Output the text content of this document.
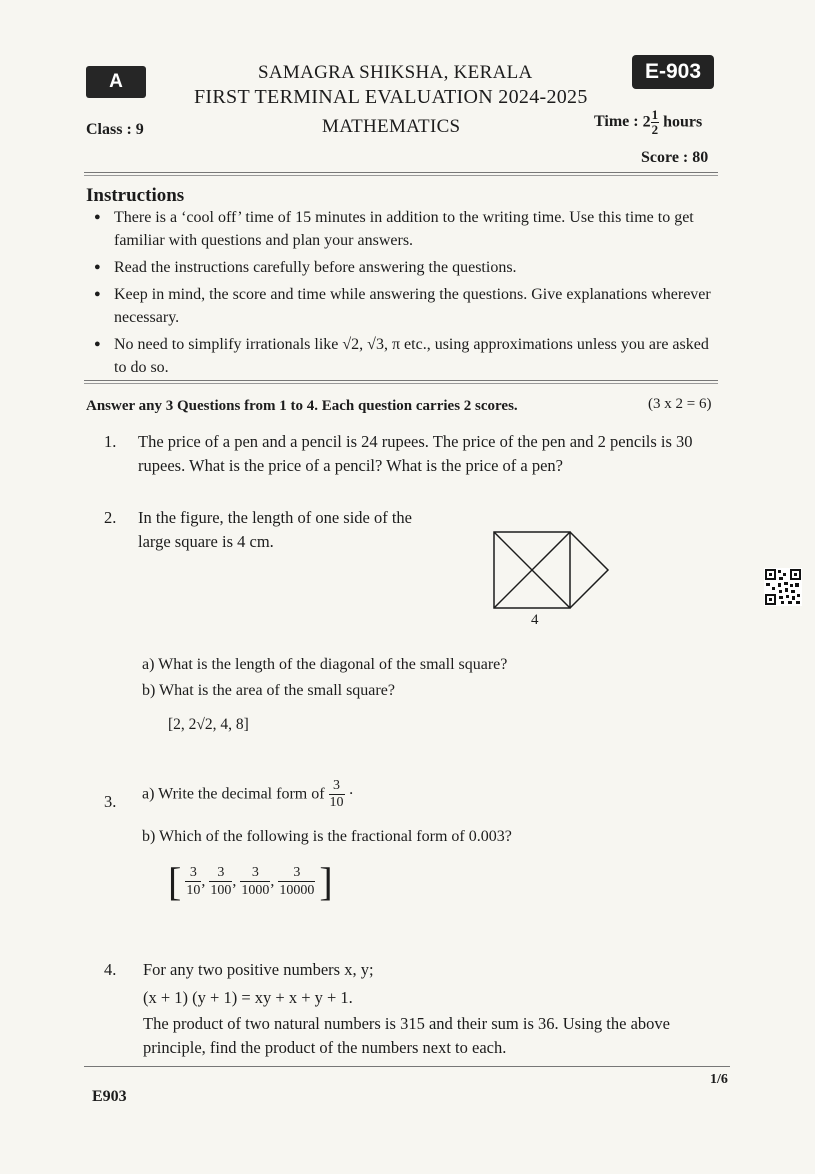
A	E-903
SAMAGRA SHIKSHA, KERALA
FIRST TERMINAL EVALUATION 2024-2025
Class : 9	MATHEMATICS	Time : $2 \frac{1}{2}$ hours
Score : 80
Instructions
● There is a ‘cool off’ time of 15 minutes in addition to the writing time. Use this time to get familiar with questions and plan your answers.
● Read the instructions carefully before answering the questions.
● Keep in mind, the score and time while answering the questions. Give explanations wherever necessary.
● No need to simplify irrationals like √2, √3, π etc., using approximations unless you are asked to do so.
Answer any 3 Questions from 1 to 4. Each question carries 2 scores.	(3 x 2 = 6)
1. The price of a pen and a pencil is 24 rupees. The price of the pen and 2 pencils is 30 rupees. What is the price of a pencil? What is the price of a pen?
2. In the figure, the length of one side of the large square is 4 cm.
4
a) What is the length of the diagonal of the small square?
b) What is the area of the small square?
[2, 2√2, 4, 8]
3. a) Write the decimal form of $\frac{3}{10}$ ·
b) Which of the following is the fractional form of 0.003?
[ $\frac{3}{10}$ , $\frac{3}{100}$ , $\frac{3}{1000}$ , $\frac{3}{10000}$ ]
4. For any two positive numbers x, y;
(x + 1) (y + 1) = xy + x + y + 1.
The product of two natural numbers is 315 and their sum is 36. Using the above principle, find the product of the numbers next to each.
1/6
E903
